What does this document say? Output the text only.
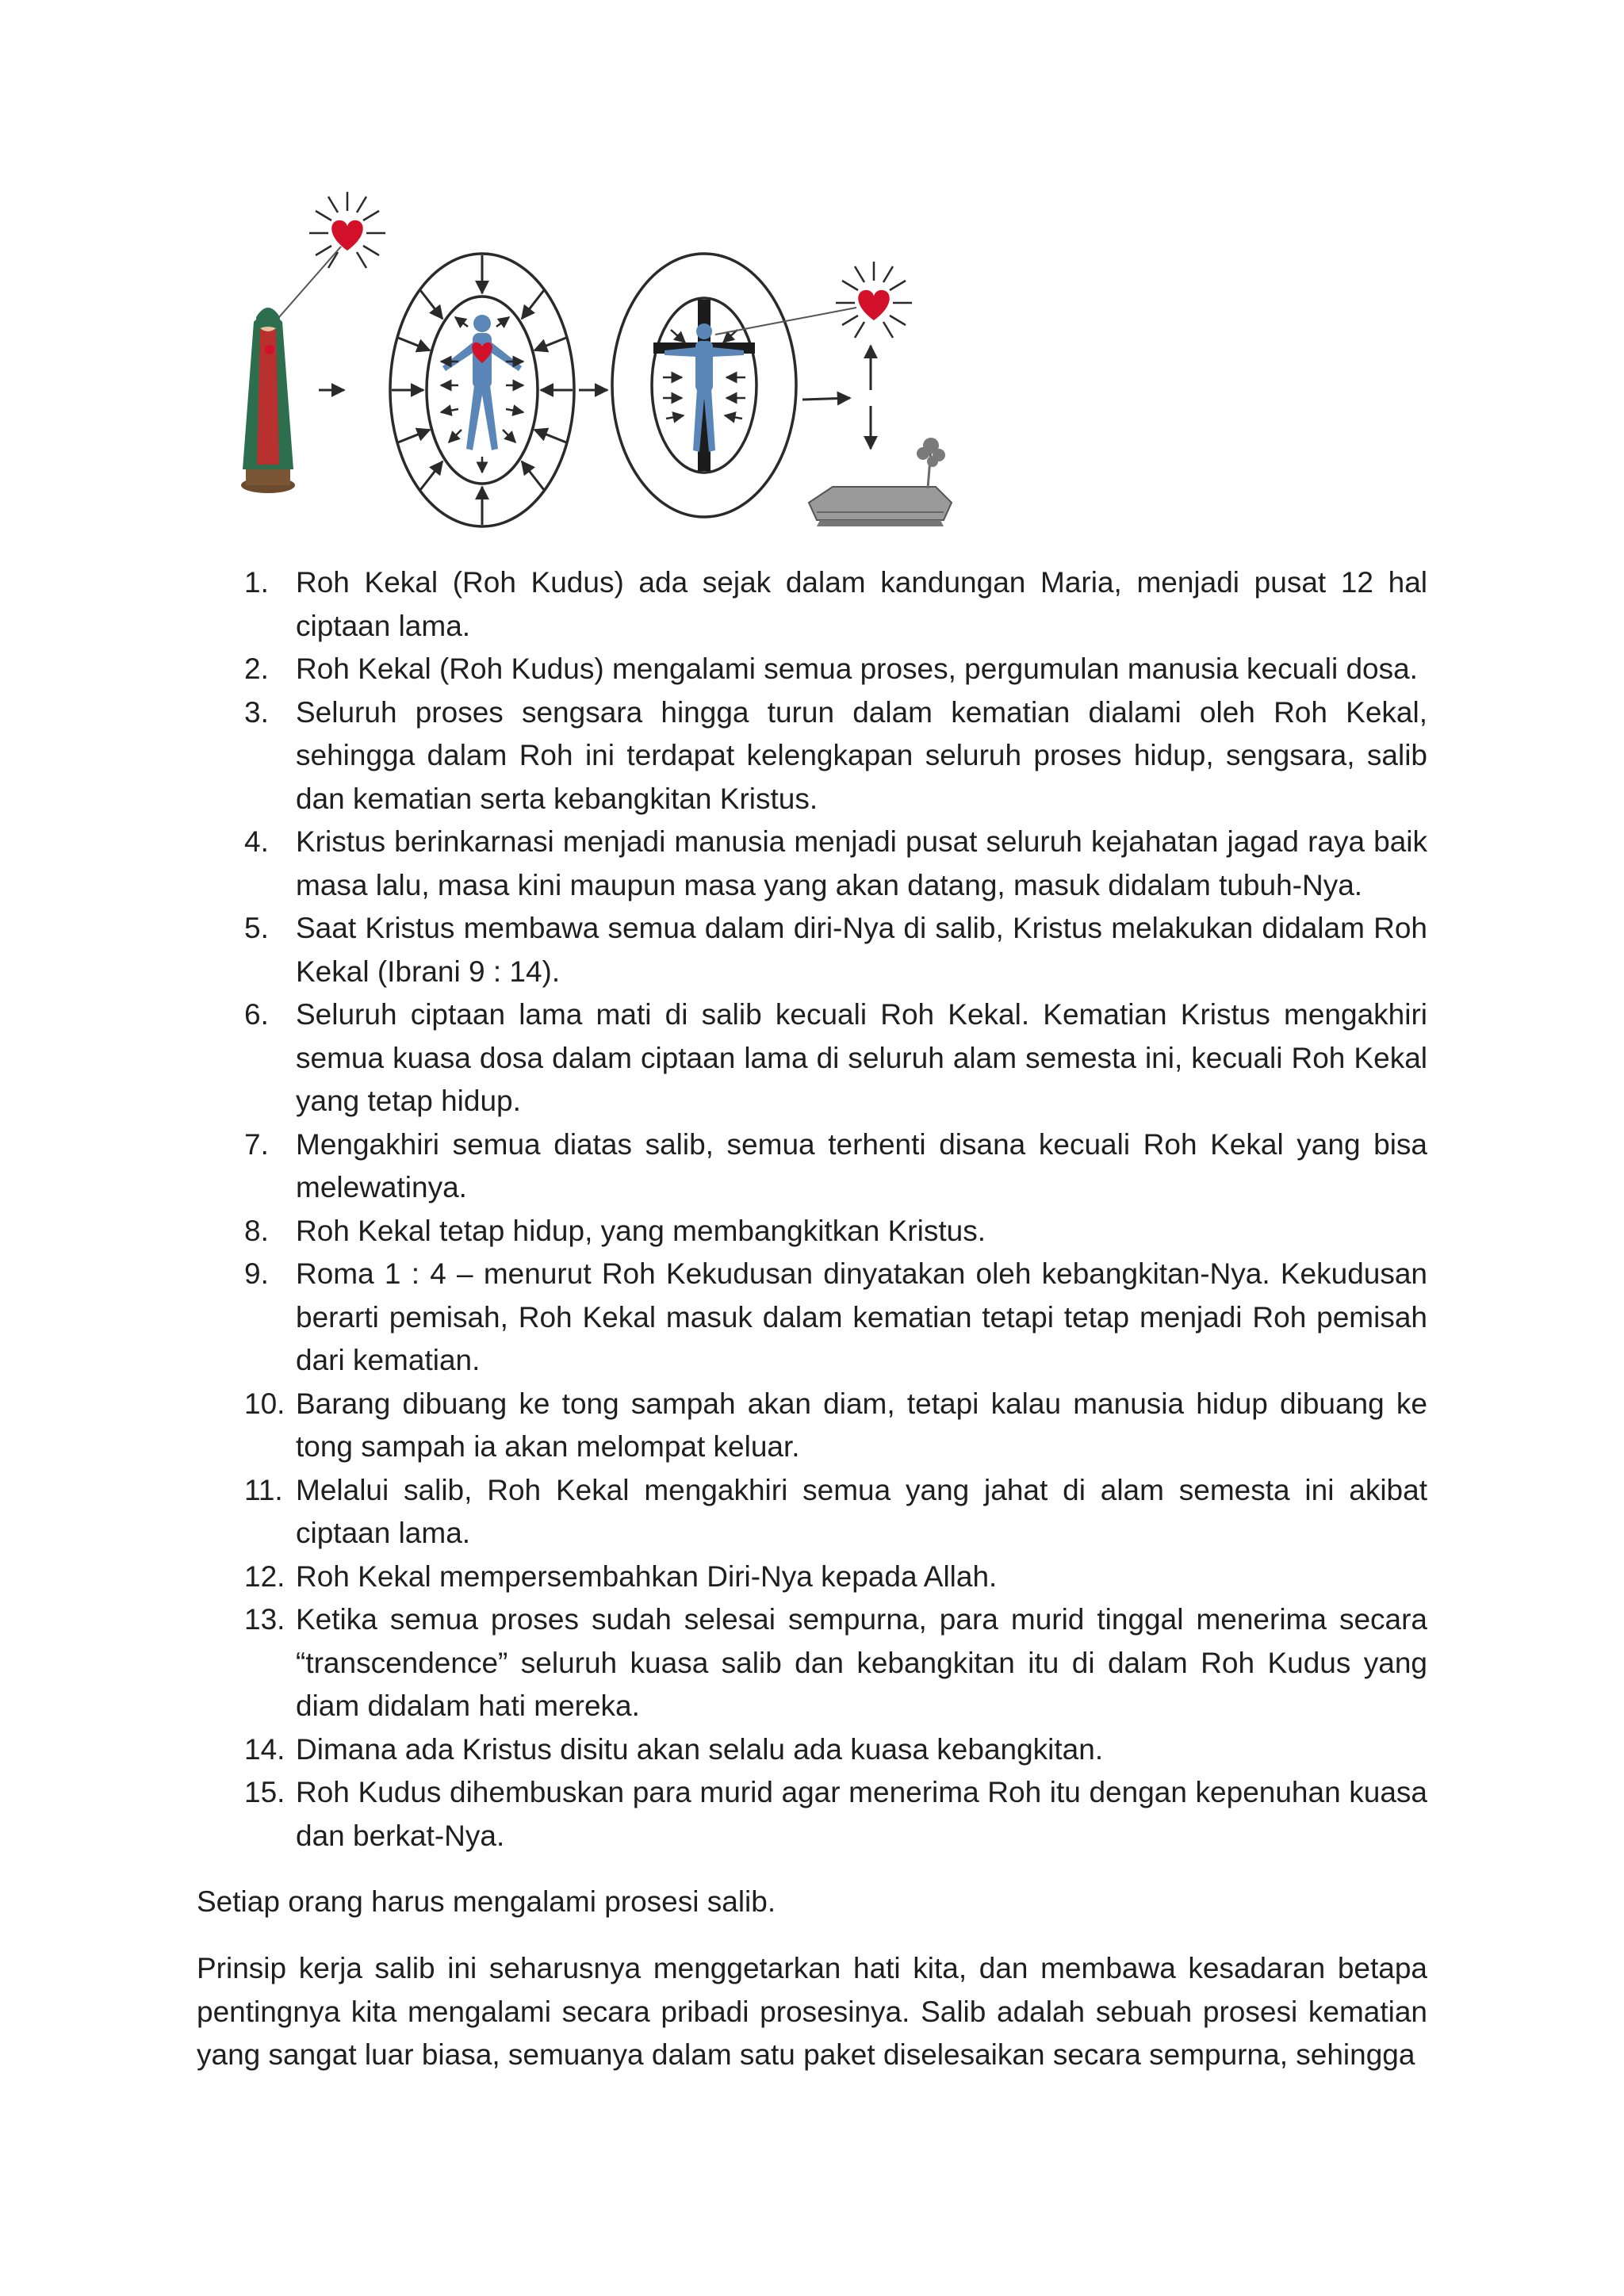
1. Roh Kekal (Roh Kudus) ada sejak dalam kandungan Maria, menjadi pusat 12 hal ciptaan lama.
2. Roh Kekal (Roh Kudus) mengalami semua proses, pergumulan manusia kecuali dosa.
3. Seluruh proses sengsara hingga turun dalam kematian dialami oleh Roh Kekal, sehingga dalam Roh ini terdapat kelengkapan seluruh proses hidup, sengsara, salib dan kematian serta kebangkitan Kristus.
4. Kristus berinkarnasi menjadi manusia menjadi pusat seluruh kejahatan jagad raya baik masa lalu, masa kini maupun masa yang akan datang, masuk didalam tubuh-Nya.
5. Saat Kristus membawa semua dalam diri-Nya di salib, Kristus melakukan didalam Roh Kekal (Ibrani 9 : 14).
6. Seluruh ciptaan lama mati di salib kecuali Roh Kekal. Kematian Kristus mengakhiri semua kuasa dosa dalam ciptaan lama di seluruh alam semesta ini, kecuali Roh Kekal yang tetap hidup.
7. Mengakhiri semua diatas salib, semua terhenti disana kecuali Roh Kekal yang bisa melewatinya.
8. Roh Kekal tetap hidup, yang membangkitkan Kristus.
9. Roma 1 : 4 – menurut Roh Kekudusan dinyatakan oleh kebangkitan-Nya. Kekudusan berarti pemisah, Roh Kekal masuk dalam kematian tetapi tetap menjadi Roh pemisah dari kematian.
10. Barang dibuang ke tong sampah akan diam, tetapi kalau manusia hidup dibuang ke tong sampah ia akan melompat keluar.
11. Melalui salib, Roh Kekal mengakhiri semua yang jahat di alam semesta ini akibat ciptaan lama.
12. Roh Kekal mempersembahkan Diri-Nya kepada Allah.
13. Ketika semua proses sudah selesai sempurna, para murid tinggal menerima secara “transcendence” seluruh kuasa salib dan kebangkitan itu di dalam Roh Kudus yang diam didalam hati mereka.
14. Dimana ada Kristus disitu akan selalu ada kuasa kebangkitan.
15. Roh Kudus dihembuskan para murid agar menerima Roh itu dengan kepenuhan kuasa dan berkat-Nya.

Setiap orang harus mengalami prosesi salib.

Prinsip kerja salib ini seharusnya menggetarkan hati kita, dan membawa kesadaran betapa pentingnya kita mengalami secara pribadi prosesinya. Salib adalah sebuah prosesi kematian yang sangat luar biasa, semuanya dalam satu paket diselesaikan secara sempurna, sehingga
